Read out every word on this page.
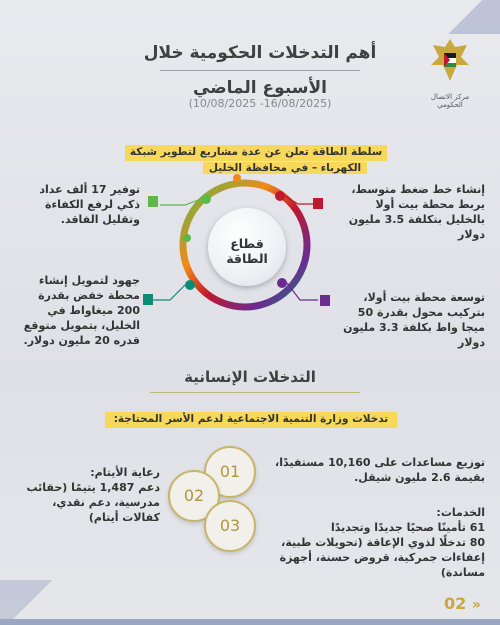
مركز الاتصال الحكومي
أهم التدخلات الحكومية خلال
الأسبوع الماضي
(10/08/2025 -16/08/2025)
سلطة الطاقة تعلن عن عدة مشاريع لتطوير شبكة
الكهرباء – في محافظة الخليل
قطاع الطاقة
إنشاء خط ضغط متوسط، يربط محطة بيت أولا بالخليل بتكلفة 3.5 مليون دولار
توسعة محطة بيت أولا، بتركيب محول بقدرة 50 ميجا واط بكلفة 3.3 مليون دولار
توفير 17 ألف عداد ذكي لرفع الكفاءة وتقليل الفاقد.
جهود لتمويل إنشاء محطة خفض بقدرة 200 ميغاواط في الخليل، بتمويل متوقع قدره 20 مليون دولار.
التدخلات الإنسانية
تدخلات وزارة التنمية الاجتماعية لدعم الأسر المحتاجة:
01
02
03
توزيع مساعدات على 10,160 مستفيدًا، بقيمة 2.6 مليون شيقل.
رعاية الأيتام:
دعم 1,487 يتيمًا (حقائب مدرسية، دعم نقدي، كفالات أيتام)	الخدمات:
61 تأمينًا صحيًا جديدًا وتجديدًا
80 تدخلًا لذوي الإعاقة (تحويلات طبية، إعفاءات جمركية، قروض حسنة، أجهزة مساندة)
02 »
